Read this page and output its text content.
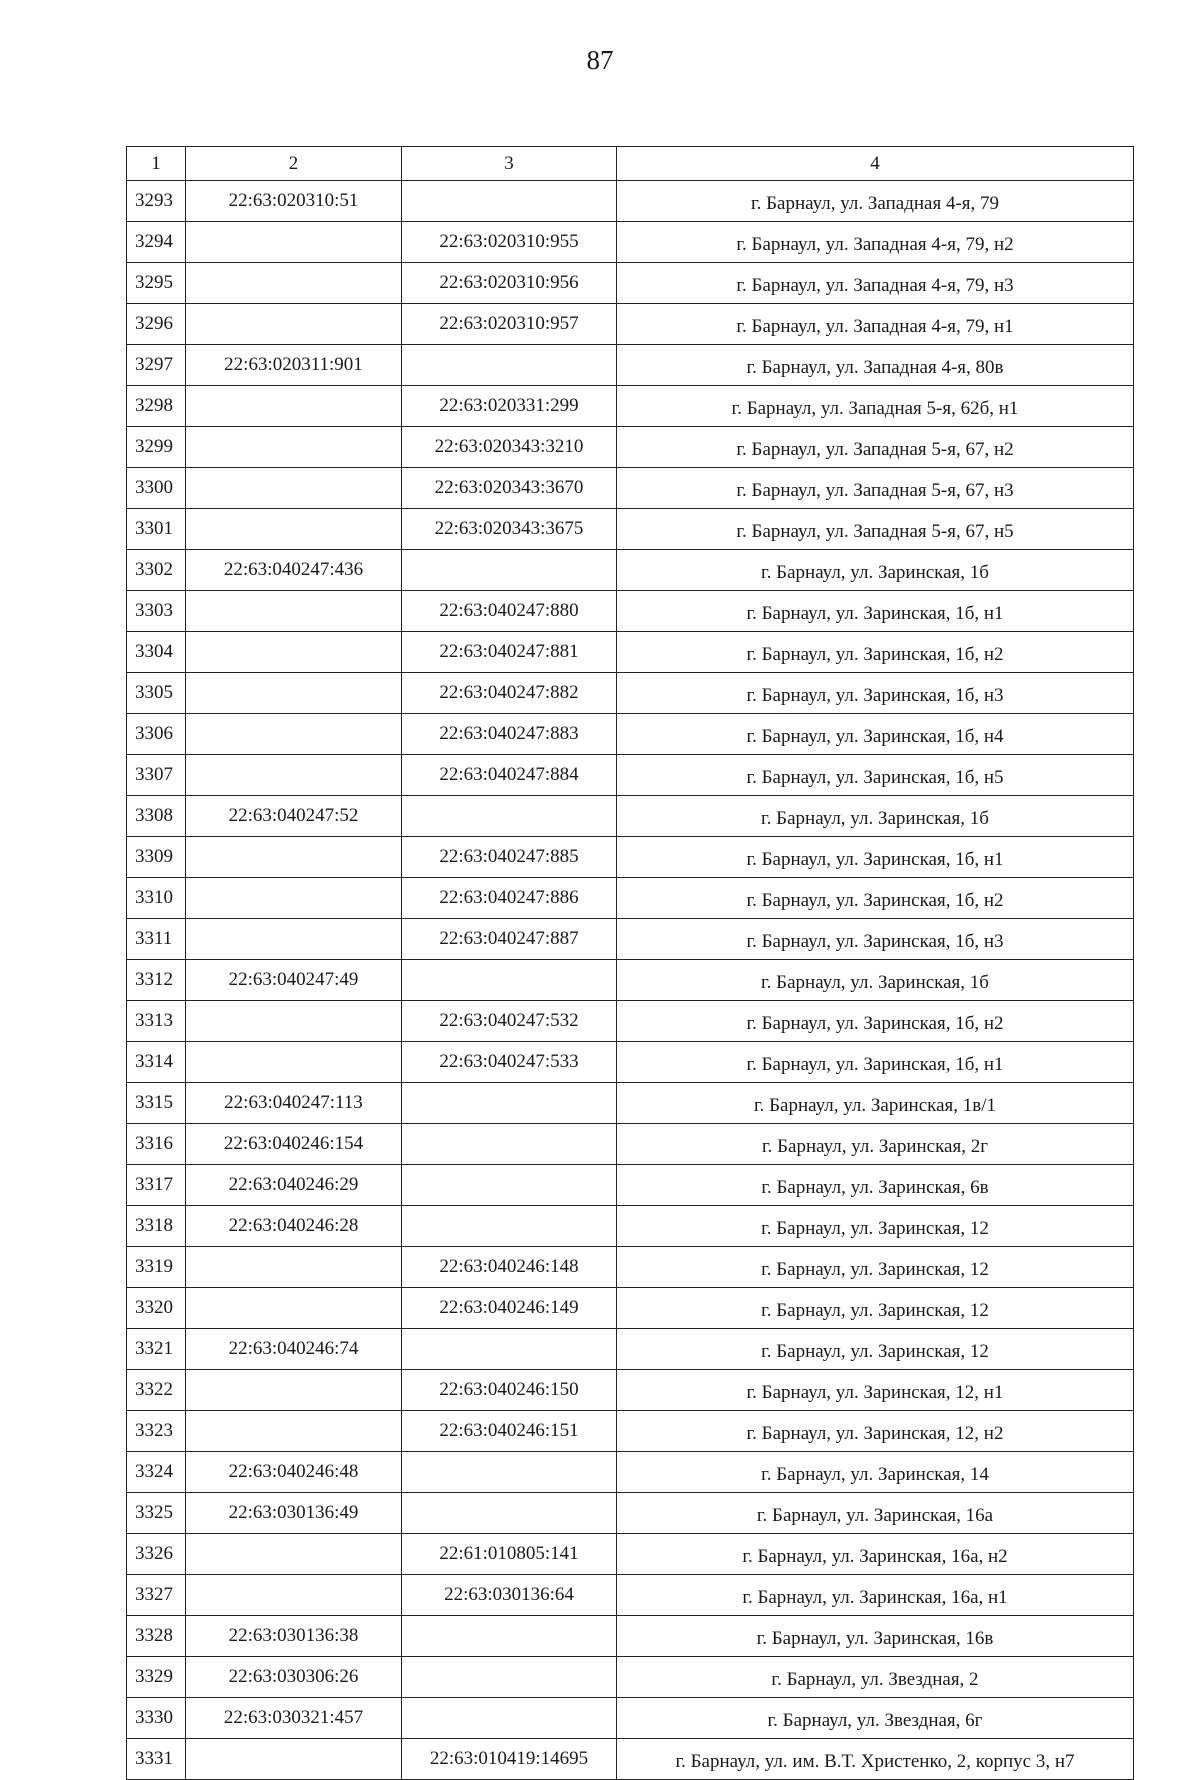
87
1	2	3	4
3293	22:63:020310:51		г. Барнаул, ул. Западная 4-я, 79
3294		22:63:020310:955	г. Барнаул, ул. Западная 4-я, 79, н2
3295		22:63:020310:956	г. Барнаул, ул. Западная 4-я, 79, н3
3296		22:63:020310:957	г. Барнаул, ул. Западная 4-я, 79, н1
3297	22:63:020311:901		г. Барнаул, ул. Западная 4-я, 80в
3298		22:63:020331:299	г. Барнаул, ул. Западная 5-я, 62б, н1
3299		22:63:020343:3210	г. Барнаул, ул. Западная 5-я, 67, н2
3300		22:63:020343:3670	г. Барнаул, ул. Западная 5-я, 67, н3
3301		22:63:020343:3675	г. Барнаул, ул. Западная 5-я, 67, н5
3302	22:63:040247:436		г. Барнаул, ул. Заринская, 1б
3303		22:63:040247:880	г. Барнаул, ул. Заринская, 1б, н1
3304		22:63:040247:881	г. Барнаул, ул. Заринская, 1б, н2
3305		22:63:040247:882	г. Барнаул, ул. Заринская, 1б, н3
3306		22:63:040247:883	г. Барнаул, ул. Заринская, 1б, н4
3307		22:63:040247:884	г. Барнаул, ул. Заринская, 1б, н5
3308	22:63:040247:52		г. Барнаул, ул. Заринская, 1б
3309		22:63:040247:885	г. Барнаул, ул. Заринская, 1б, н1
3310		22:63:040247:886	г. Барнаул, ул. Заринская, 1б, н2
3311		22:63:040247:887	г. Барнаул, ул. Заринская, 1б, н3
3312	22:63:040247:49		г. Барнаул, ул. Заринская, 1б
3313		22:63:040247:532	г. Барнаул, ул. Заринская, 1б, н2
3314		22:63:040247:533	г. Барнаул, ул. Заринская, 1б, н1
3315	22:63:040247:113		г. Барнаул, ул. Заринская, 1в/1
3316	22:63:040246:154		г. Барнаул, ул. Заринская, 2г
3317	22:63:040246:29		г. Барнаул, ул. Заринская, 6в
3318	22:63:040246:28		г. Барнаул, ул. Заринская, 12
3319		22:63:040246:148	г. Барнаул, ул. Заринская, 12
3320		22:63:040246:149	г. Барнаул, ул. Заринская, 12
3321	22:63:040246:74		г. Барнаул, ул. Заринская, 12
3322		22:63:040246:150	г. Барнаул, ул. Заринская, 12, н1
3323		22:63:040246:151	г. Барнаул, ул. Заринская, 12, н2
3324	22:63:040246:48		г. Барнаул, ул. Заринская, 14
3325	22:63:030136:49		г. Барнаул, ул. Заринская, 16а
3326		22:61:010805:141	г. Барнаул, ул. Заринская, 16а, н2
3327		22:63:030136:64	г. Барнаул, ул. Заринская, 16а, н1
3328	22:63:030136:38		г. Барнаул, ул. Заринская, 16в
3329	22:63:030306:26		г. Барнаул, ул. Звездная, 2
3330	22:63:030321:457		г. Барнаул, ул. Звездная, 6г
3331		22:63:010419:14695	г. Барнаул, ул. им. В.Т. Христенко, 2, корпус 3, н7
